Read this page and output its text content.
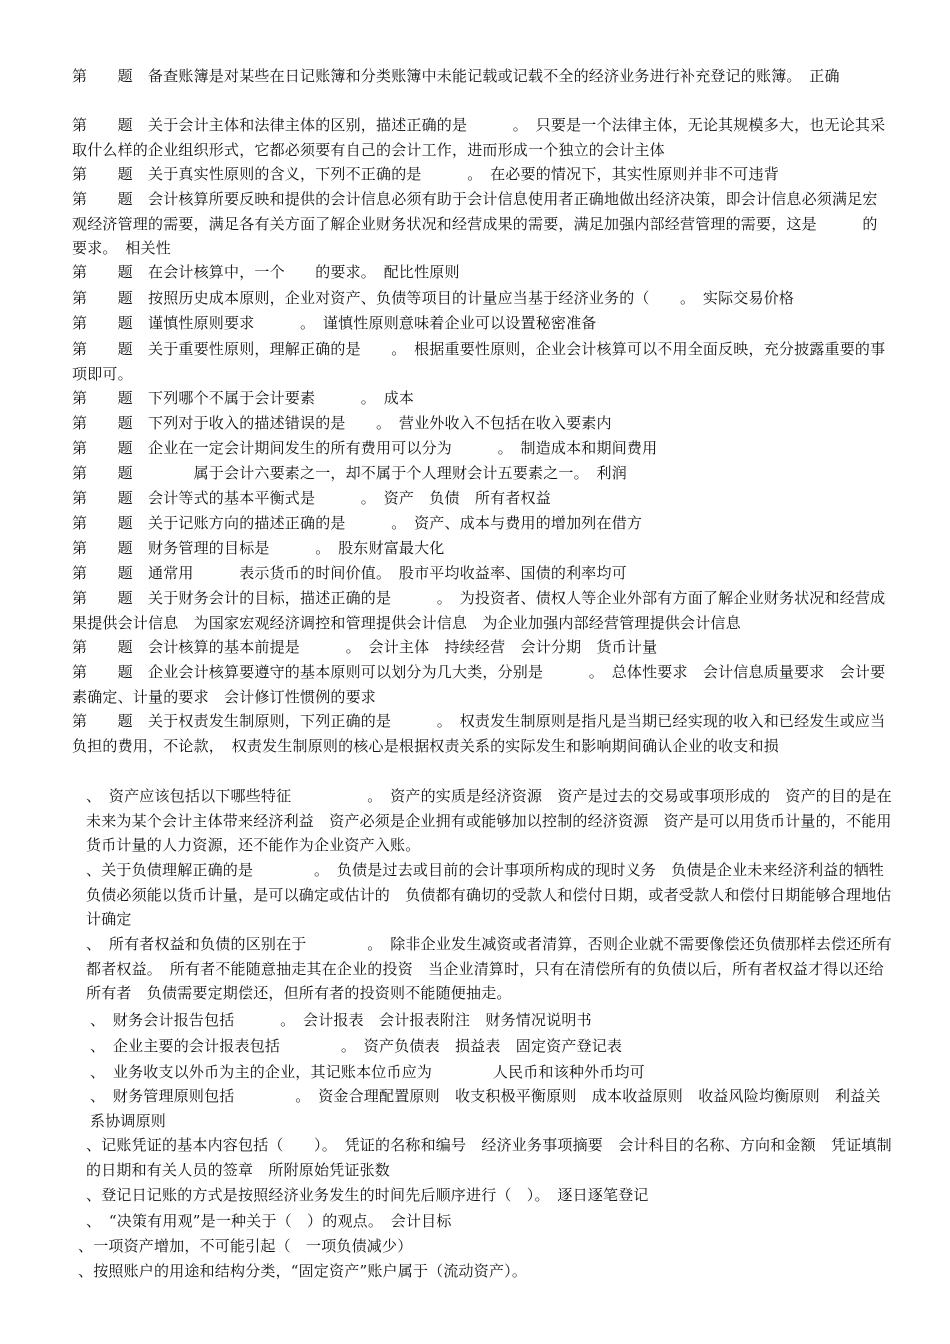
第　　题　备查账簿是对某些在日记账簿和分类账簿中未能记载或记载不全的经济业务进行补充登记的账簿。　正确

第　　题　关于会计主体和法律主体的区别，描述正确的是　　　。　只要是一个法律主体，无论其规模多大，也无论其采取什么样的企业组织形式，它都必须要有自己的会计工作，进而形成一个独立的会计主体

第　　题　关于真实性原则的含义，下列不正确的是　　　。　在必要的情况下，其实性原则并非不可违背

第　　题　会计核算所要反映和提供的会计信息必须有助于会计信息使用者正确地做出经济决策，即会计信息必须满足宏观经济管理的需要，满足各有关方面了解企业财务状况和经营成果的需要，满足加强内部经营管理的需要，这是　　　的要求。　相关性

第　　题　在会计核算中，一个　　的要求。　配比性原则

第　　题　按照历史成本原则，企业对资产、负债等项目的计量应当基于经济业务的（　　。　实际交易价格

第　　题　谨慎性原则要求　　　。　谨慎性原则意味着企业可以设置秘密准备

第　　题　关于重要性原则，理解正确的是　　。　根据重要性原则，企业会计核算可以不用全面反映，充分披露重要的事项即可。

第　　题　下列哪个不属于会计要素　　　。　成本

第　　题　下列对于收入的描述错误的是　　。　营业外收入不包括在收入要素内

第　　题　企业在一定会计期间发生的所有费用可以分为　　　。　制造成本和期间费用

第　　题　　　　属于会计六要素之一，却不属于个人理财会计五要素之一。　利润

第　　题　会计等式的基本平衡式是　　　。　资产　负债　所有者权益

第　　题　关于记账方向的描述正确的是　　　。　资产、成本与费用的增加列在借方

第　　题　财务管理的目标是　　　。　股东财富最大化

第　　题　通常用　　　表示货币的时间价值。　股市平均收益率、国债的利率均可

第　　题　关于财务会计的目标，描述正确的是　　　。　为投资者、债权人等企业外部有方面了解企业财务状况和经营成果提供会计信息　为国家宏观经济调控和管理提供会计信息　为企业加强内部经营管理提供会计信息

第　　题　会计核算的基本前提是　　　。　会计主体　持续经营　会计分期　货币计量

第　　题　企业会计核算要遵守的基本原则可以划分为几大类，分别是　　　。　总体性要求　会计信息质量要求　会计要素确定、计量的要求　会计修订性惯例的要求

第　　题　关于权责发生制原则，下列正确的是　　　。　权责发生制原则是指凡是当期已经实现的收入和已经发生或应当负担的费用，不论款，　权责发生制原则的核心是根据权责关系的实际发生和影响期间确认企业的收支和损

、　资产应该包括以下哪些特征　　　　　。　资产的实质是经济资源　资产是过去的交易或事项形成的　资产的目的是在未来为某个会计主体带来经济利益　资产必须是企业拥有或能够加以控制的经济资源　资产是可以用货币计量的，不能用货币计量的人力资源，还不能作为企业资产入账。

、关于负债理解正确的是　　　　。　负债是过去或目前的会计事项所构成的现时义务　负债是企业未来经济利益的牺牲　负债必须能以货币计量，是可以确定或估计的　负债都有确切的受款人和偿付日期，或者受款人和偿付日期能够合理地估计确定

、　所有者权益和负债的区别在于　　　　。　除非企业发生减资或者清算，否则企业就不需要像偿还负债那样去偿还所有都者权益。　所有者不能随意抽走其在企业的投资　当企业清算时，只有在清偿所有的负债以后，所有者权益才得以还给所有者　负债需要定期偿还，但所有者的投资则不能随便抽走。

、　财务会计报告包括　　　。　会计报表　会计报表附注　财务情况说明书

、　企业主要的会计报表包括　　　　。　资产负债表　损益表　固定资产登记表

、　业务收支以外币为主的企业，其记账本位币应为　　　　人民币和该种外币均可

、　财务管理原则包括　　　　。　资金合理配置原则　收支积极平衡原则　成本收益原则　收益风险均衡原则　利益关系协调原则

、记账凭证的基本内容包括（　　）。　凭证的名称和编号　经济业务事项摘要　会计科目的名称、方向和金额　凭证填制的日期和有关人员的签章　所附原始凭证张数

、登记日记账的方式是按照经济业务发生的时间先后顺序进行（　）。　逐日逐笔登记

、　“决策有用观”是一种关于（　）的观点。　会计目标

、一项资产增加，不可能引起（　一项负债减少）

、按照账户的用途和结构分类，“固定资产”账户属于（流动资产）。
